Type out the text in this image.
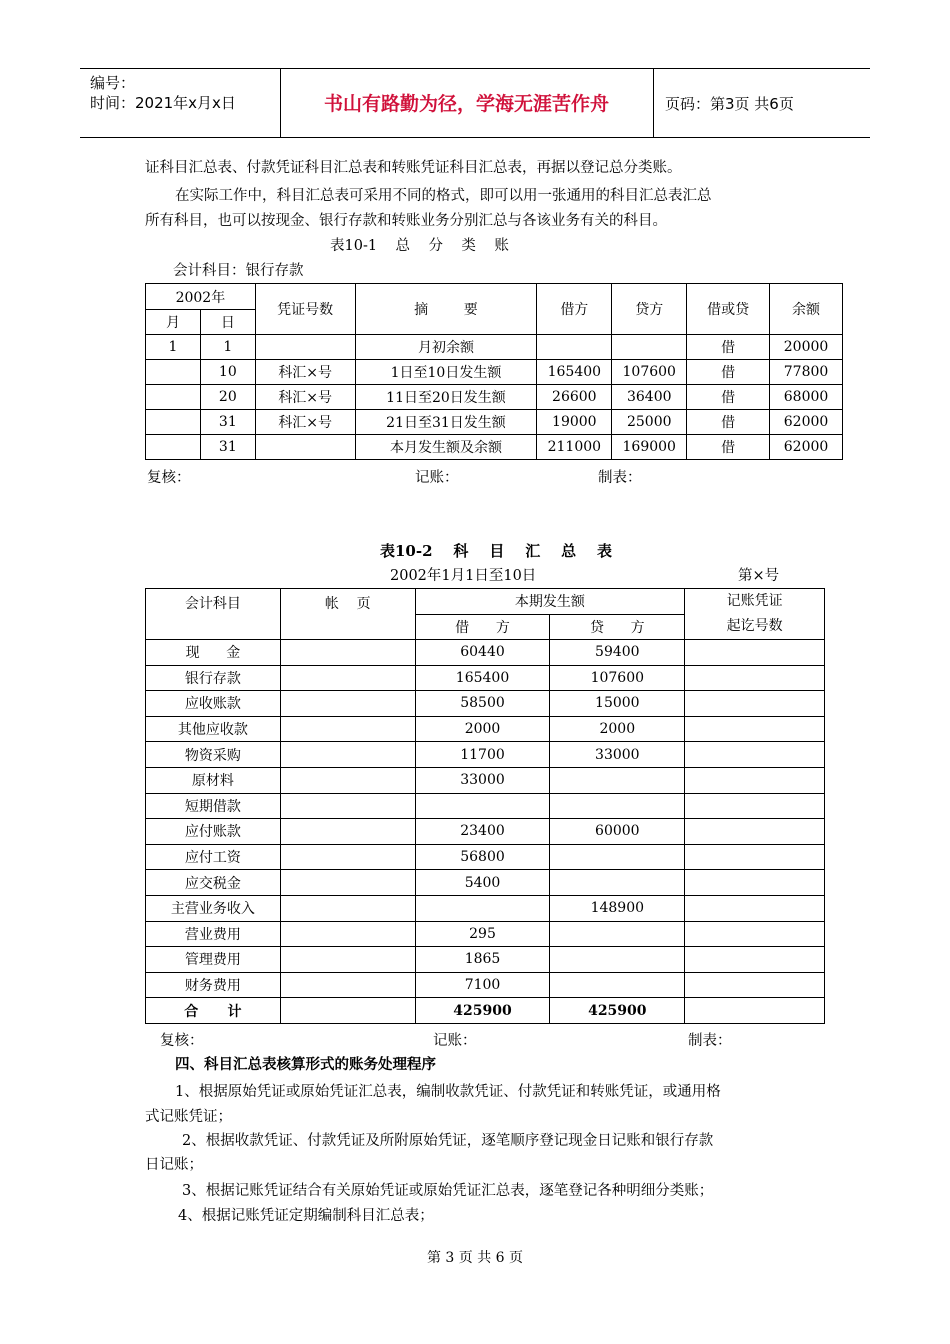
编号：
时间：2021年x月x日	书山有路勤为径，学海无涯苦作舟	页码：第3页 共6页
证科目汇总表、付款凭证科目汇总表和转账凭证科目汇总表，再据以登记总分类账。
在实际工作中，科目汇总表可采用不同的格式，即可以用一张通用的科目汇总表汇总
所有科目，也可以按现金、银行存款和转账业务分别汇总与各该业务有关的科目。
表10-1    总    分    类    账
会计科目：银行存款
2002年		凭证号数	摘        要	借方	贷方	借或贷	余额
月	日						
1	1		月初余额			借	20000
	10	科汇×号	1日至10日发生额	165400	107600	借	77800
	20	科汇×号	11日至20日发生额	26600	36400	借	68000
	31	科汇×号	21日至31日发生额	19000	25000	借	62000
	31		本月发生额及余额	211000	169000	借	62000
复核：	记账：	制表：
表10-2    科    目    汇    总    表
2002年1月1日至10日	第×号
会计科目	帐    页	本期发生额		记账凭证
起讫号数

		借      方	贷      方	
现      金		60440	59400	
银行存款		165400	107600	
应收账款		58500	15000	
其他应收款		2000	2000	
物资采购		11700	33000	
原材料		33000		
短期借款				
应付账款		23400	60000	
应付工资		56800		
应交税金		5400		
主营业务收入			148900	
营业费用		295		
管理费用		1865		
财务费用		7100		
合      计		425900	425900	
复核：	记账：	制表：
四、科目汇总表核算形式的账务处理程序
1、根据原始凭证或原始凭证汇总表，编制收款凭证、付款凭证和转账凭证，或通用格
式记账凭证；
2、根据收款凭证、付款凭证及所附原始凭证，逐笔顺序登记现金日记账和银行存款
日记账；
3、根据记账凭证结合有关原始凭证或原始凭证汇总表，逐笔登记各种明细分类账；
4、根据记账凭证定期编制科目汇总表；
第 3 页 共 6 页
